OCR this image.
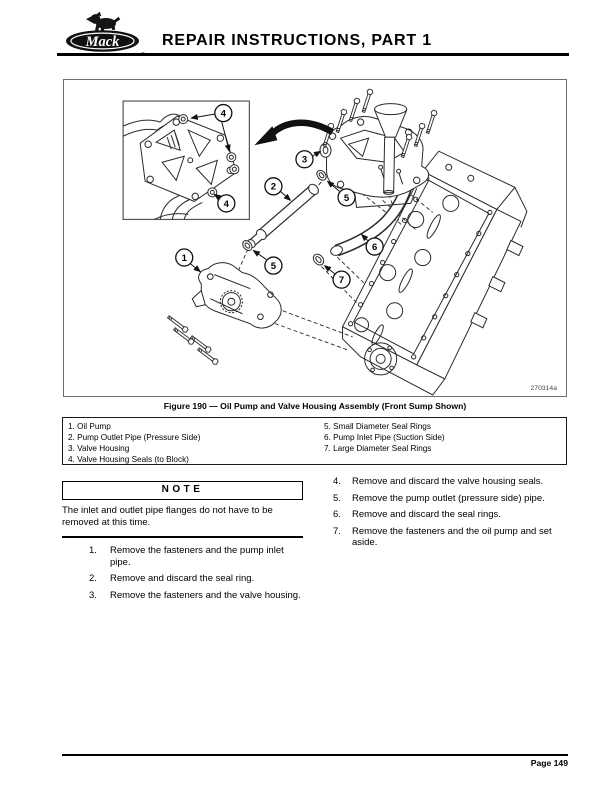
Mack	REPAIR INSTRUCTIONS, PART 1
1
2
3
4
4
5
5
6
7
270314a
Figure 190 — Oil Pump and Valve Housing Assembly (Front Sump Shown)
1. Oil Pump
2. Pump Outlet Pipe (Pressure Side)
3. Valve Housing
4. Valve Housing Seals (to Block)
5. Small Diameter Seal Rings
6. Pump Inlet Pipe (Suction Side)
7. Large Diameter Seal Rings
NOTE
The inlet and outlet pipe flanges do not have to be removed at this time.
1.	Remove the fasteners and the pump inlet pipe.
2.	Remove and discard the seal ring.
3.	Remove the fasteners and the valve housing.
4.	Remove and discard the valve housing seals.
5.	Remove the pump outlet (pressure side) pipe.
6.	Remove and discard the seal rings.
7.	Remove the fasteners and the oil pump and set aside.
Page 149
